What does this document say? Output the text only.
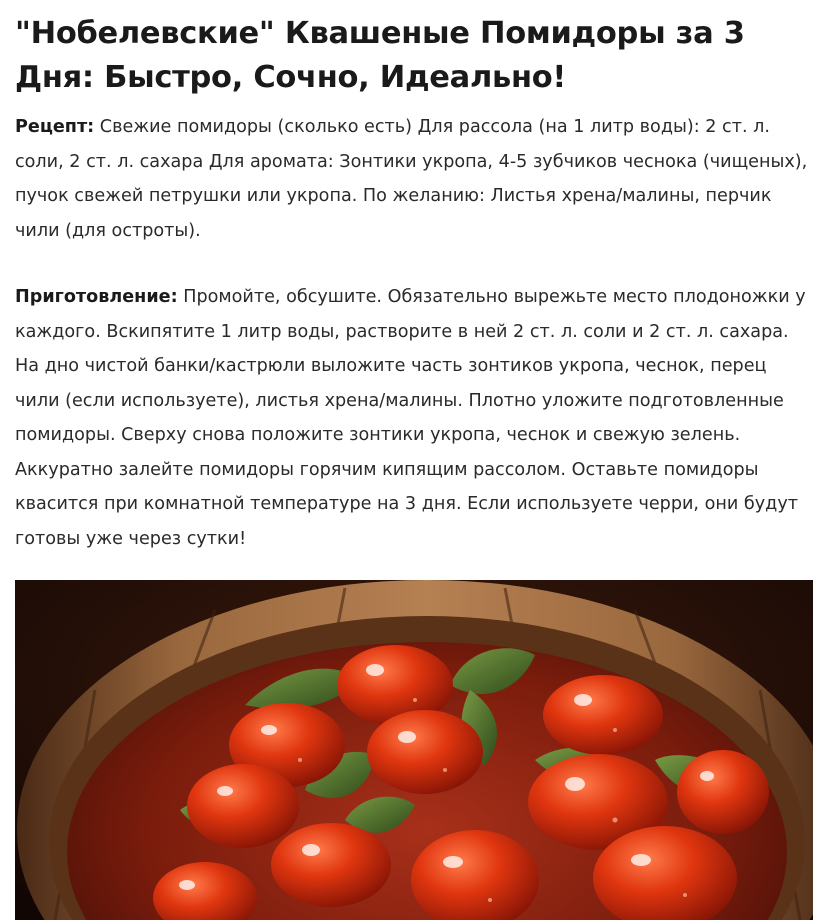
"Нобелевские" Квашеные Помидоры за 3 Дня: Быстро, Сочно, Идеально!

Рецепт: Свежие помидоры (сколько есть) Для рассола (на 1 литр воды): 2 ст. л. соли, 2 ст. л. сахара Для аромата: Зонтики укропа, 4-5 зубчиков чеснока (чищеных), пучок свежей петрушки или укропа. По желанию: Листья хрена/малины, перчик чили (для остроты).

Приготовление: Промойте, обсушите. Обязательно вырежьте место плодоножки у каждого. Вскипятите 1 литр воды, растворите в ней 2 ст. л. соли и 2 ст. л. сахара. На дно чистой банки/кастрюли выложите часть зонтиков укропа, чеснок, перец чили (если используете), листья хрена/малины. Плотно уложите подготовленные помидоры. Сверху снова положите зонтики укропа, чеснок и свежую зелень. Аккуратно залейте помидоры горячим кипящим рассолом. Оставьте помидоры квасится при комнатной температуре на 3 дня. Если используете черри, они будут готовы уже через сутки!
